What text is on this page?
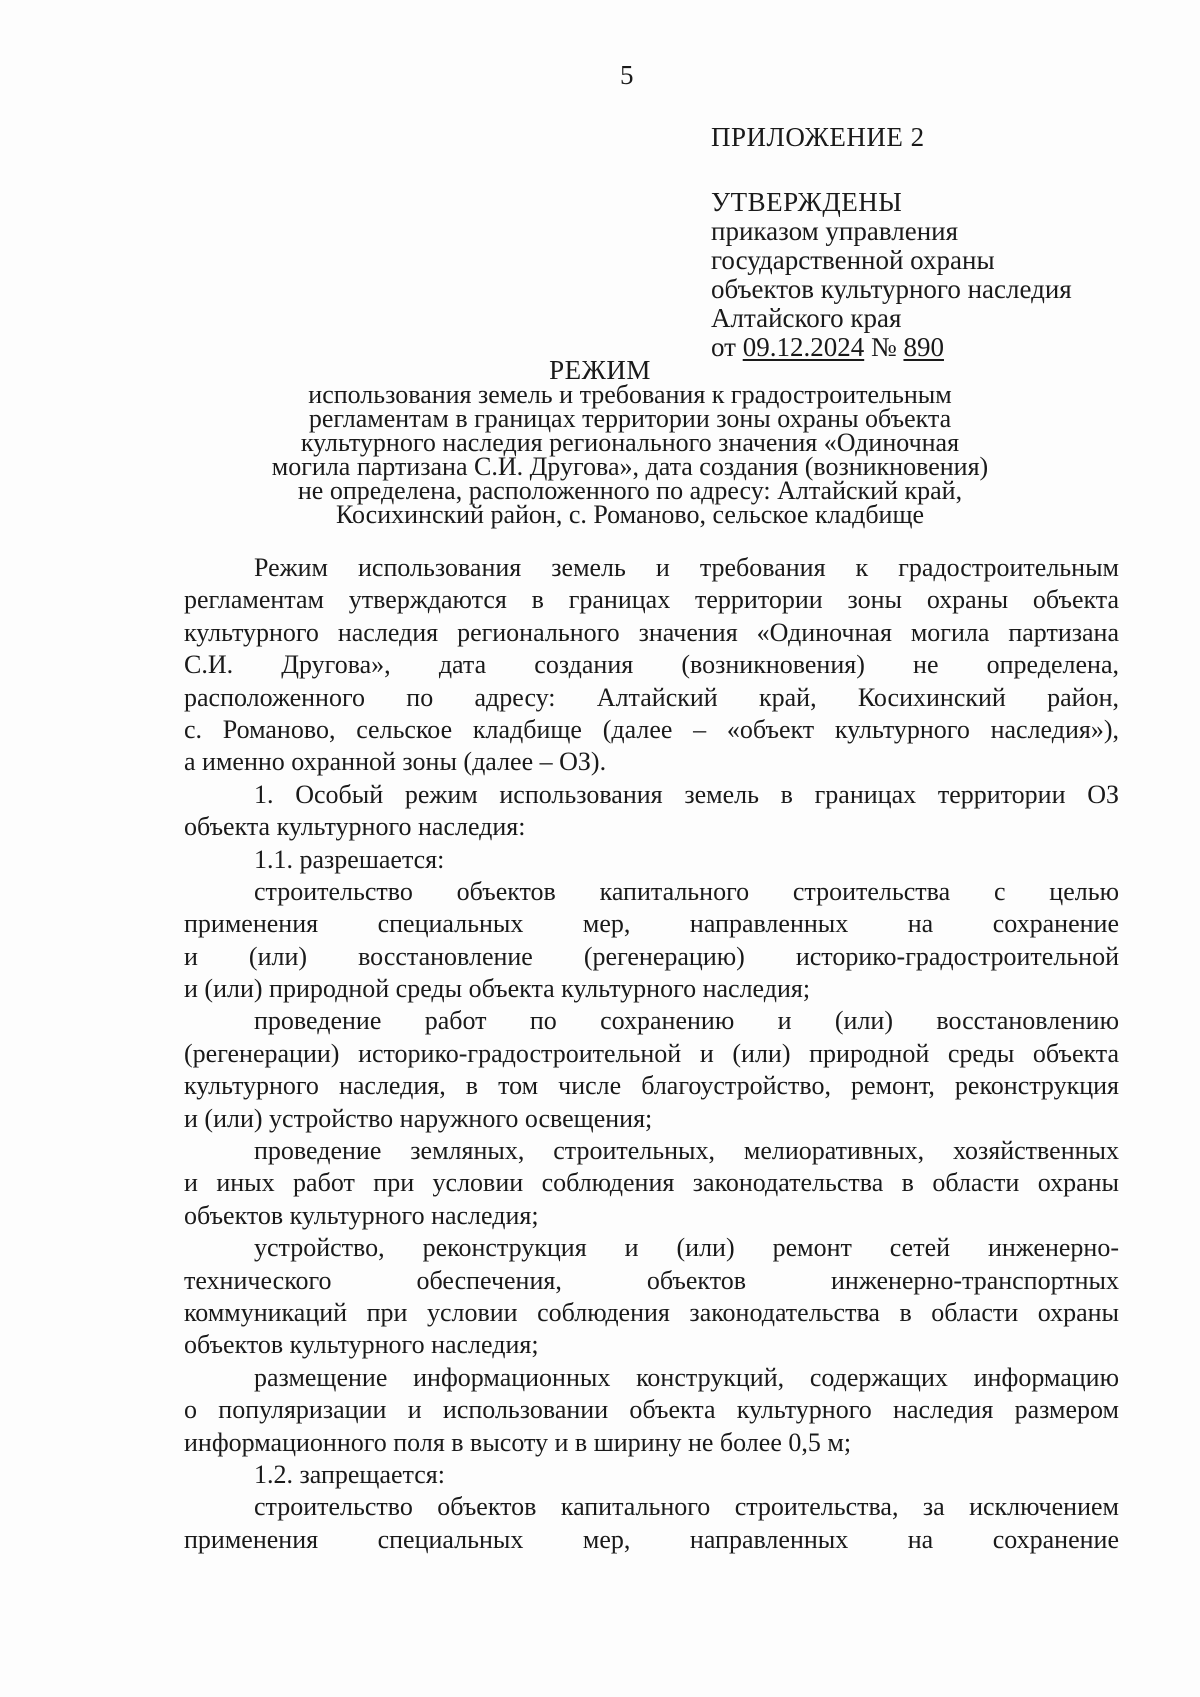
5
ПРИЛОЖЕНИЕ 2
УТВЕРЖДЕНЫ
приказом управления
государственной охраны
объектов культурного наследия
Алтайского края
от 09.12.2024 № 890
РЕЖИМ
использования земель и требования к градостроительным
регламентам в границах территории зоны охраны объекта
культурного наследия регионального значения «Одиночная
могила партизана С.И. Другова», дата создания (возникновения)
не определена, расположенного по адресу: Алтайский край,
Косихинский район, с. Романово, сельское кладбище
Режим использования земель и требования к градостроительным
регламентам утверждаются в границах территории зоны охраны объекта
культурного наследия регионального значения «Одиночная могила партизана
С.И. Другова», дата создания (возникновения) не определена,
расположенного по адресу: Алтайский край, Косихинский район,
с. Романово, сельское кладбище (далее – «объект культурного наследия»),
а именно охранной зоны (далее – ОЗ).
1. Особый режим использования земель в границах территории ОЗ
объекта культурного наследия:
1.1. разрешается:
строительство объектов капитального строительства с целью
применения специальных мер, направленных на сохранение
и (или) восстановление (регенерацию) историко-градостроительной
и (или) природной среды объекта культурного наследия;
проведение работ по сохранению и (или) восстановлению
(регенерации) историко-градостроительной и (или) природной среды объекта
культурного наследия, в том числе благоустройство, ремонт, реконструкция
и (или) устройство наружного освещения;
проведение земляных, строительных, мелиоративных, хозяйственных
и иных работ при условии соблюдения законодательства в области охраны
объектов культурного наследия;
устройство, реконструкция и (или) ремонт сетей инженерно-
технического обеспечения, объектов инженерно-транспортных
коммуникаций при условии соблюдения законодательства в области охраны
объектов культурного наследия;
размещение информационных конструкций, содержащих информацию
о популяризации и использовании объекта культурного наследия размером
информационного поля в высоту и в ширину не более 0,5 м;
1.2. запрещается:
строительство объектов капитального строительства, за исключением
применения специальных мер, направленных на сохранение
